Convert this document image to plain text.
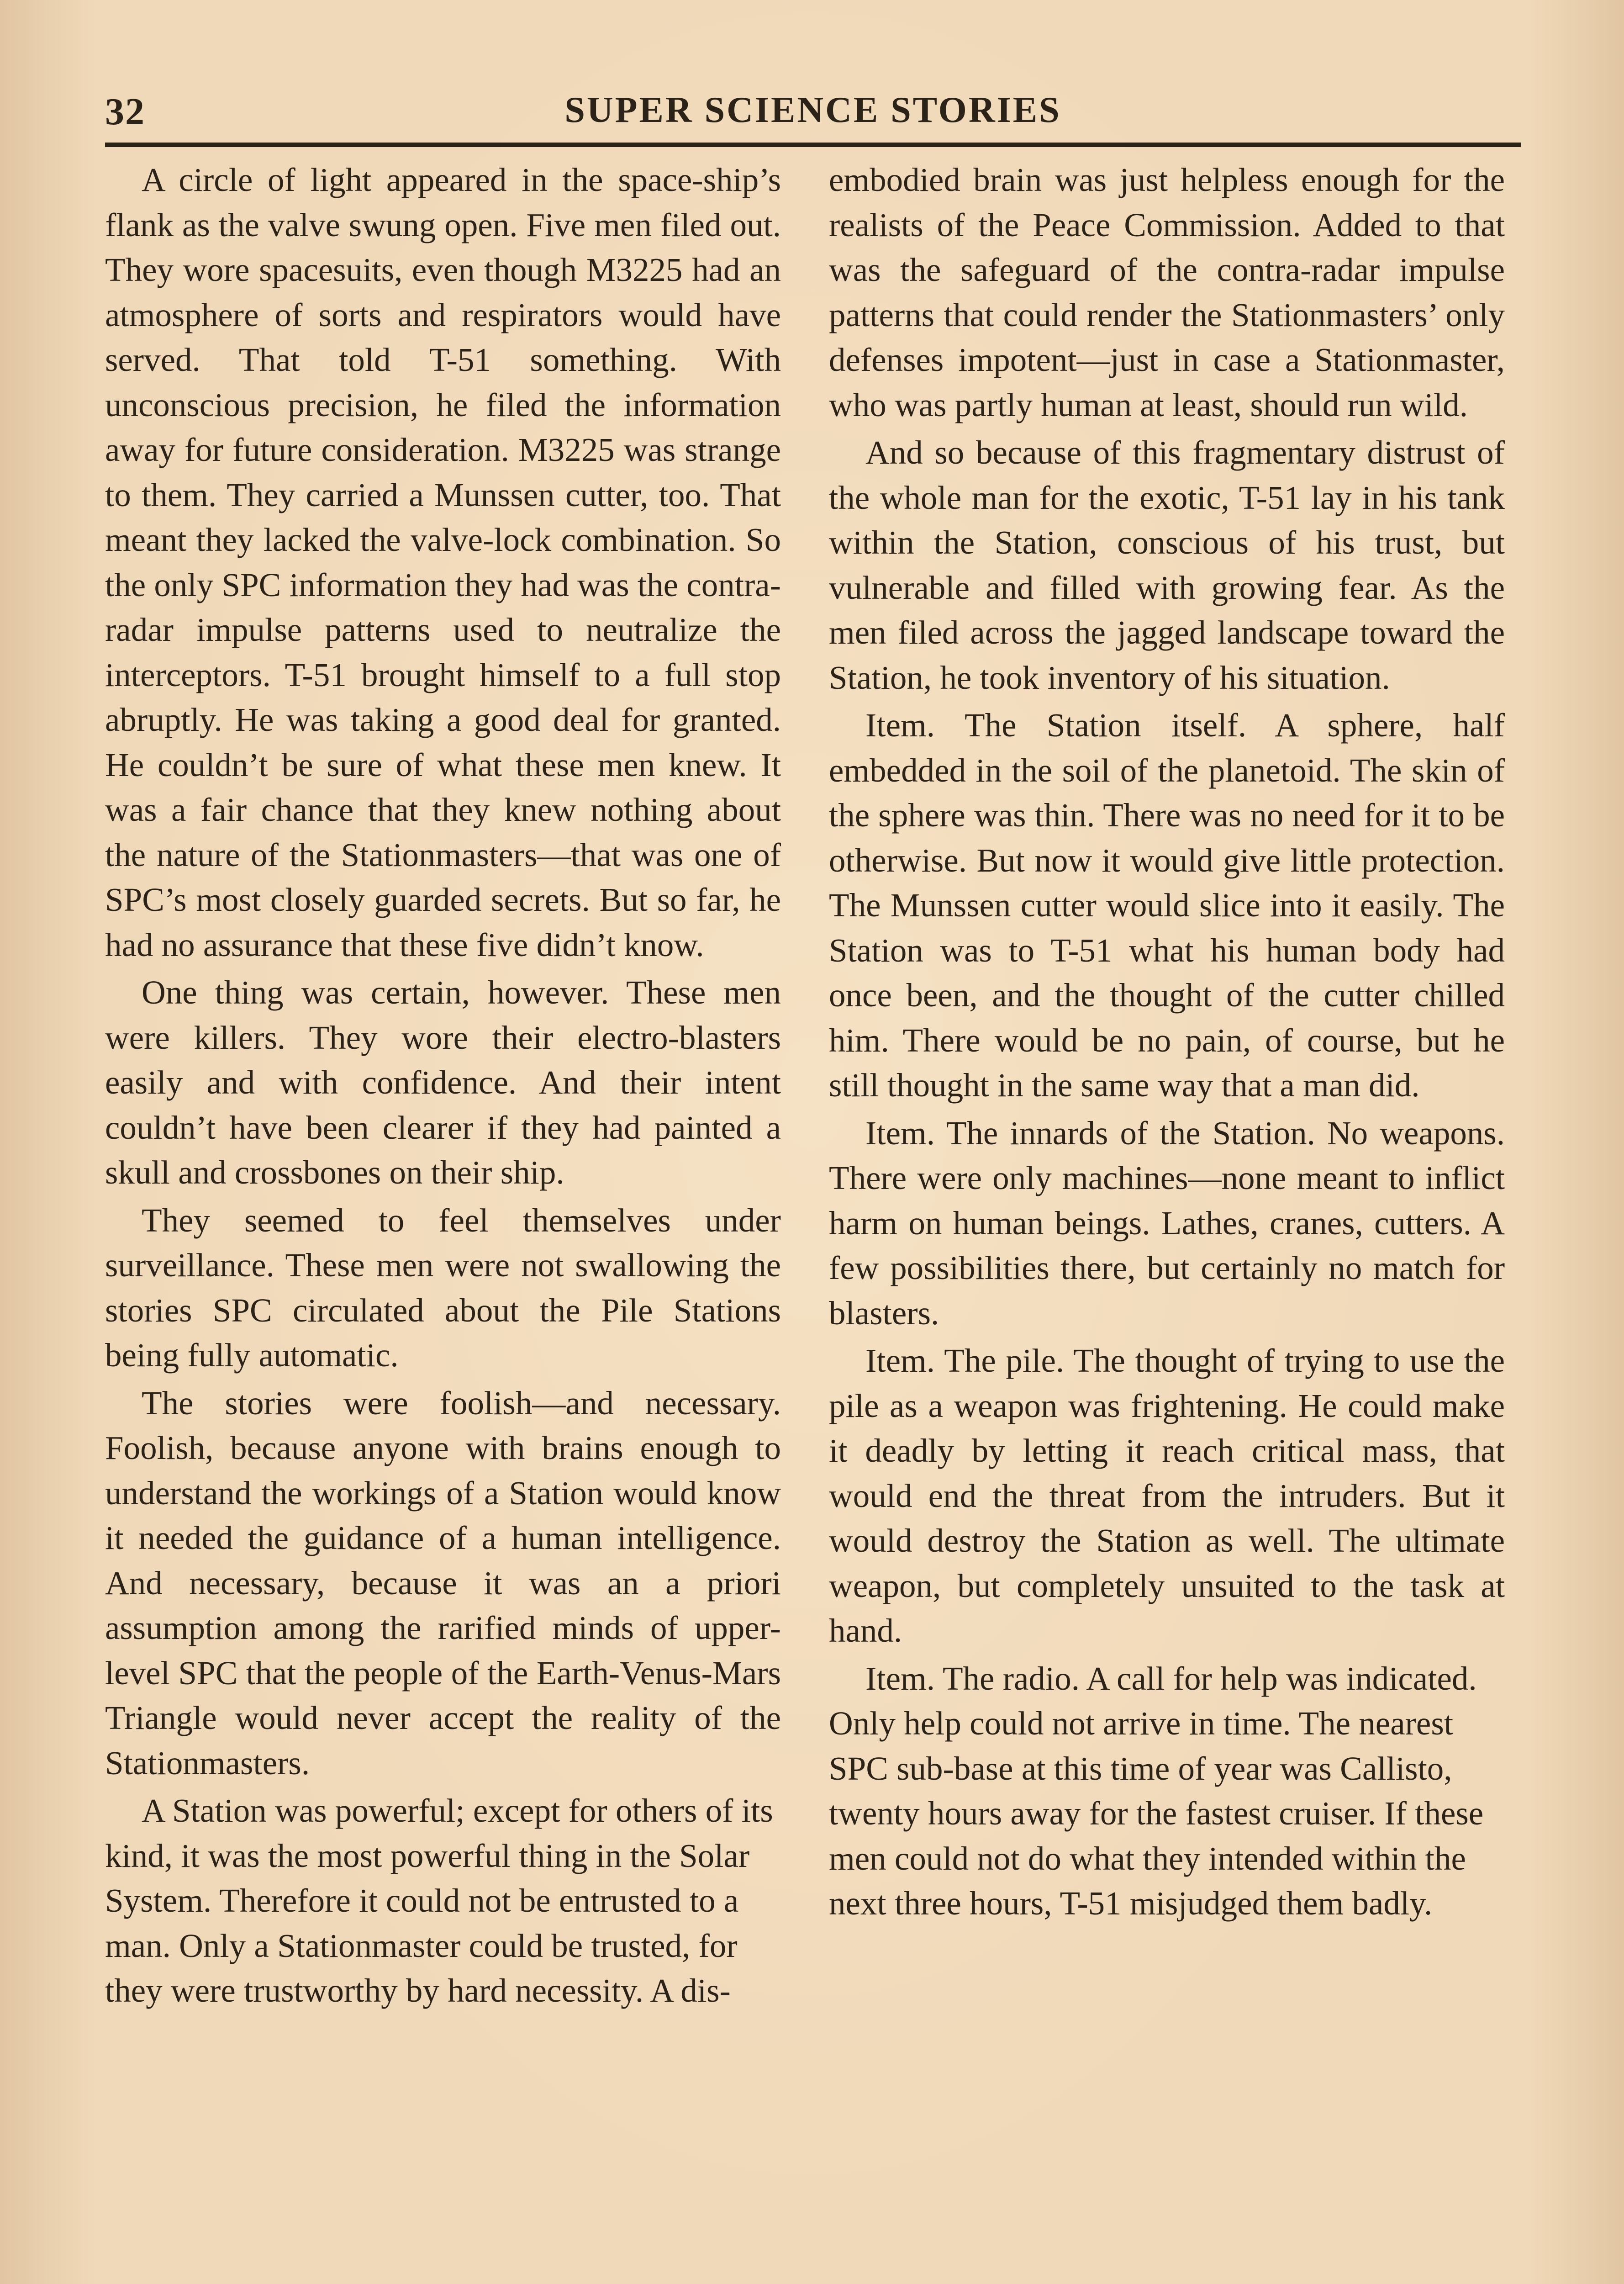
32	SUPER SCIENCE STORIES

A circle of light appeared in the space-ship’s flank as the valve swung open. Five men filed out. They wore spacesuits, even though M3225 had an atmosphere of sorts and respirators would have served. That told T-51 something. With unconscious precision, he filed the information away for future consideration. M3225 was strange to them. They carried a Munssen cutter, too. That meant they lacked the valve-lock combination. So the only SPC information they had was the contra-radar impulse patterns used to neutralize the interceptors. T-51 brought himself to a full stop abruptly. He was taking a good deal for granted. He couldn’t be sure of what these men knew. It was a fair chance that they knew nothing about the nature of the Stationmasters—that was one of SPC’s most closely guarded secrets. But so far, he had no assurance that these five didn’t know.

One thing was certain, however. These men were killers. They wore their electro-blasters easily and with confidence. And their intent couldn’t have been clearer if they had painted a skull and crossbones on their ship.

They seemed to feel themselves under surveillance. These men were not swallowing the stories SPC circulated about the Pile Stations being fully automatic.

The stories were foolish—and necessary. Foolish, because anyone with brains enough to understand the workings of a Station would know it needed the guidance of a human intelligence. And necessary, because it was an a priori assumption among the rarified minds of upper-level SPC that the people of the Earth-Venus-Mars Triangle would never accept the reality of the Stationmasters.

A Station was powerful; except for others of its kind, it was the most powerful thing in the Solar System. Therefore it could not be entrusted to a man. Only a Stationmaster could be trusted, for they were trustworthy by hard necessity. A dis-

embodied brain was just helpless enough for the realists of the Peace Commission. Added to that was the safeguard of the contra-radar impulse patterns that could render the Stationmasters’ only defenses impotent—just in case a Stationmaster, who was partly human at least, should run wild.

And so because of this fragmentary distrust of the whole man for the exotic, T-51 lay in his tank within the Station, conscious of his trust, but vulnerable and filled with growing fear. As the men filed across the jagged landscape toward the Station, he took inventory of his situation.

Item. The Station itself. A sphere, half embedded in the soil of the planetoid. The skin of the sphere was thin. There was no need for it to be otherwise. But now it would give little protection. The Munssen cutter would slice into it easily. The Station was to T-51 what his human body had once been, and the thought of the cutter chilled him. There would be no pain, of course, but he still thought in the same way that a man did.

Item. The innards of the Station. No weapons. There were only machines—none meant to inflict harm on human beings. Lathes, cranes, cutters. A few possibilities there, but certainly no match for blasters.

Item. The pile. The thought of trying to use the pile as a weapon was frightening. He could make it deadly by letting it reach critical mass, that would end the threat from the intruders. But it would destroy the Station as well. The ultimate weapon, but completely unsuited to the task at hand.

Item. The radio. A call for help was indicated. Only help could not arrive in time. The nearest SPC sub-base at this time of year was Callisto, twenty hours away for the fastest cruiser. If these men could not do what they intended within the next three hours, T-51 misjudged them badly.
